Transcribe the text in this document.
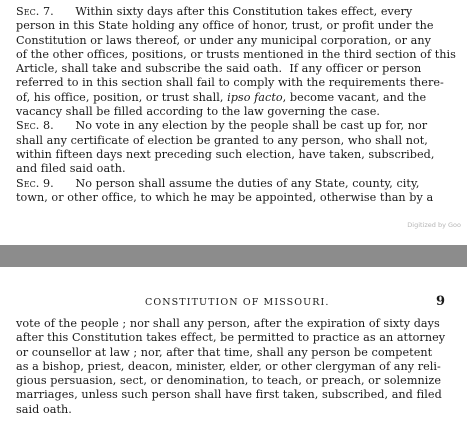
Sec. 7.      Within sixty days after this Constitution takes effect, every
person in this State holding any office of honor, trust, or profit under the
Constitution or laws thereof, or under any municipal corporation, or any
of the other offices, positions, or trusts mentioned in the third section of this
Article, shall take and subscribe the said oath.  If any officer or person
referred to in this section shall fail to comply with the requirements there-
of, his office, position, or trust shall, ipso facto, become vacant, and the
vacancy shall be filled according to the law governing the case.
Sec. 8.      No vote in any election by the people shall be cast up for, nor
shall any certificate of election be granted to any person, who shall not,
within fifteen days next preceding such election, have taken, subscribed,
and filed said oath.
Sec. 9.      No person shall assume the duties of any State, county, city,
town, or other office, to which he may be appointed, otherwise than by a
Digitized by Goo
CONSTITUTION OF MISSOURI.	9
vote of the people ; nor shall any person, after the expiration of sixty days
after this Constitution takes effect, be permitted to practice as an attorney
or counsellor at law ; nor, after that time, shall any person be competent
as a bishop, priest, deacon, minister, elder, or other clergyman of any reli-
gious persuasion, sect, or denomination, to teach, or preach, or solemnize
marriages, unless such person shall have first taken, subscribed, and filed
said oath.
